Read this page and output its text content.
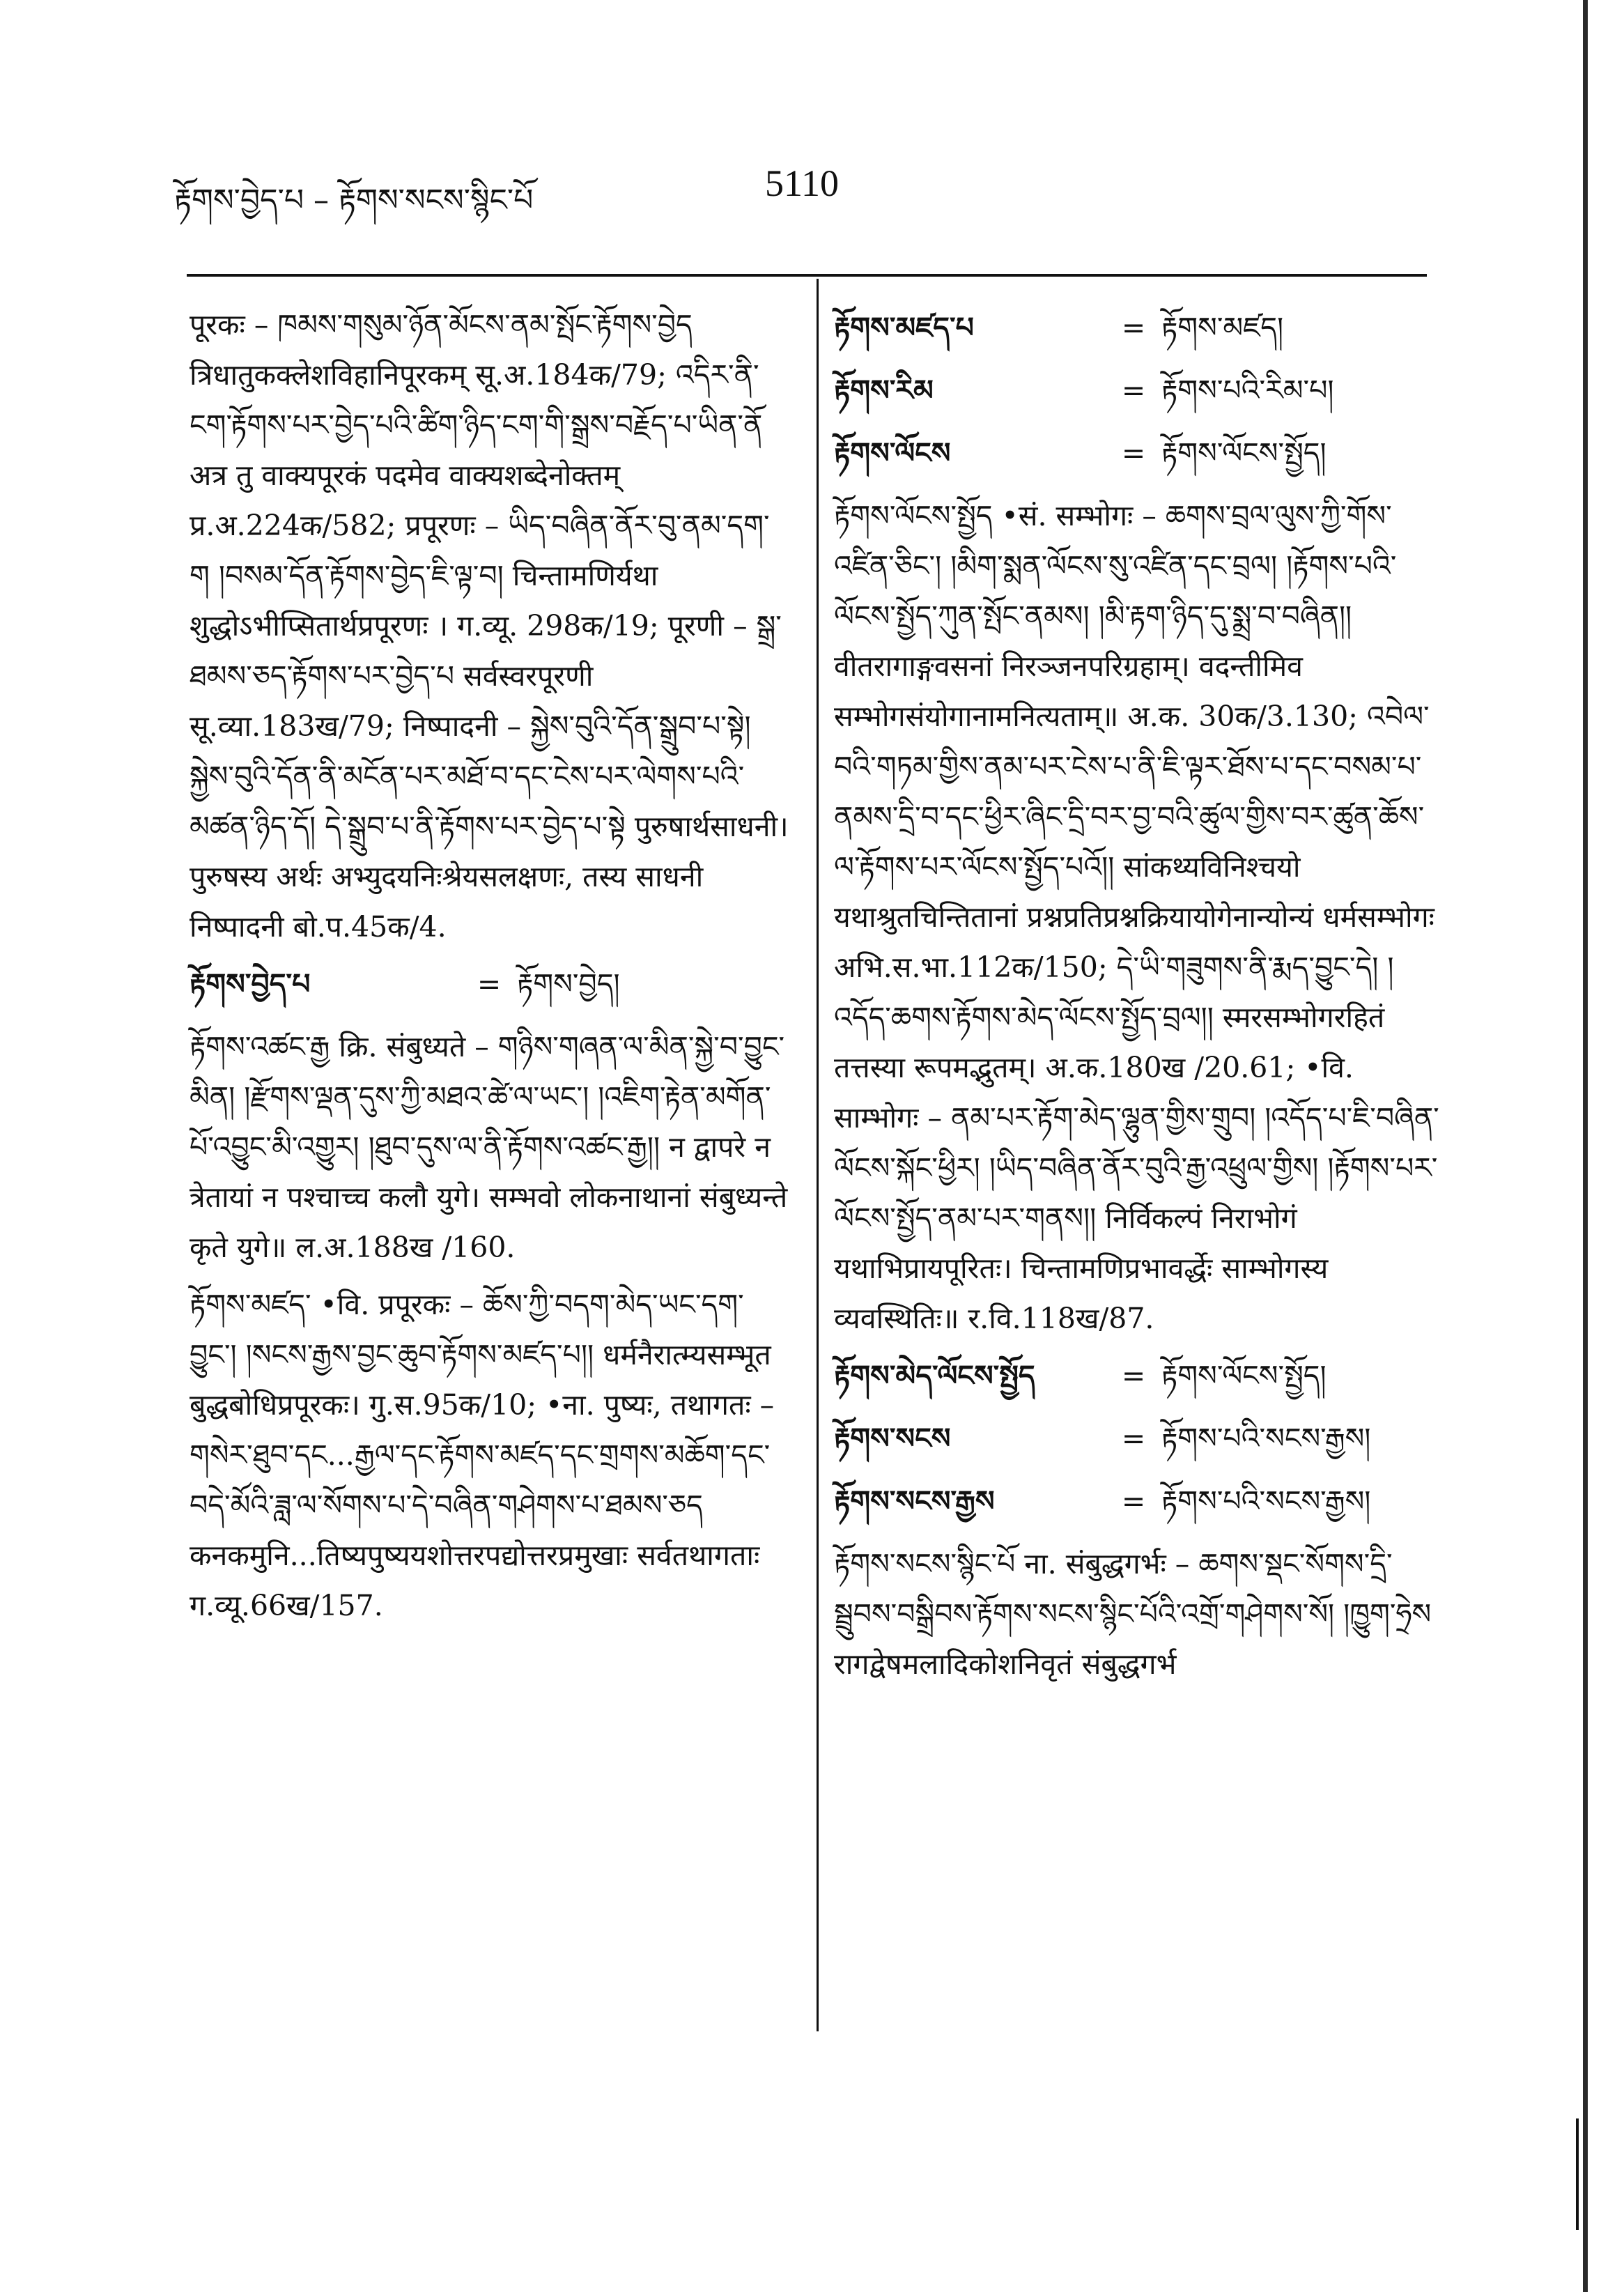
རྟོགས་བྱེད་པ – རྟོགས་སངས་སྙིང་པོ	5110

पूरकः – ཁམས་གསུམ་ཉོན་མོངས་ནམ་སྤོང་རྟོགས་བྱེད त्रिधातुकक्लेशविहानिपूरकम् सू.अ.184क/79; འདིར་ནི་ངག་རྟོགས་པར་བྱེད་པའི་ཚིག་ཉིད་ངག་གི་སྒྲས་བརྗོད་པ་ཡིན་ནོ अत्र तु वाक्यपूरकं पदमेव वाक्यशब्देनोक्तम् प्र.अ.224क/582; प्रपूरणः – ཡིད་བཞིན་ནོར་བུ་ནམ་དག་ག །བསམ་དོན་རྟོགས་བྱེད་ཇི་ལྟ་བ། चिन्तामणिर्यथा शुद्धोऽभीप्सितार्थप्रपूरणः । ग.व्यू. 298क/19; पूरणी – སྒྲ་ཐམས་ཅད་རྟོགས་པར་བྱེད་པ सर्वस्वरपूरणी सू.व्या.183ख/79; निष्पादनी – སྐྱེས་བུའི་དོན་སྒྲུབ་པ་སྟེ། སྐྱེས་བུའི་དོན་ནི་མངོན་པར་མཐོ་བ་དང་ངེས་པར་ལེགས་པའི་མཚན་ཉིད་དོ། དེ་སྒྲུབ་པ་ནི་རྟོགས་པར་བྱེད་པ་སྟེ पुरुषार्थसाधनी। पुरुषस्य अर्थः अभ्युदयनिःश्रेयसलक्षणः, तस्य साधनी निष्पादनी बो.प.45क/4.

རྟོགས་བྱེད་པ	= རྟོགས་བྱེད།

རྟོགས་འཚང་རྒྱ क्रि. संबुध्यते – གཉིས་གཞན་ལ་མིན་སྐྱེ་བ་བྱུང་མིན། །རྫོགས་ལྡན་དུས་ཀྱི་མཐའ་ཚེ་ལ་ཡང་། །འཇིག་རྟེན་མགོན་པོ་འབྱུང་མི་འགྱུར། །ཐུབ་དུས་ལ་ནི་རྟོགས་འཚང་རྒྱ།། न द्वापरे न त्रेतायां न पश्चाच्च कलौ युगे। सम्भवो लोकनाथानां संबुध्यन्ते कृते युगे॥ ल.अ.188ख /160.

རྟོགས་མཛད་ •वि. प्रपूरकः – ཆོས་ཀྱི་བདག་མེད་ཡང་དག་བྱུང་། །སངས་རྒྱས་བྱང་ཆུབ་རྟོགས་མཛད་པ།། धर्मनैरात्म्यसम्भूत बुद्धबोधिप्रपूरकः। गु.स.95क/10; •ना. पुष्यः, तथागतः – གསེར་ཐུབ་དང...རྒྱལ་དང་རྟོགས་མཛད་དང་གྲགས་མཆོག་དང་བདེ་མོའི་ཟླ་ལ་སོགས་པ་དེ་བཞིན་གཤེགས་པ་ཐམས་ཅད कनकमुनि...तिष्यपुष्ययशोत्तरपद्योत्तरप्रमुखाः सर्वतथागताः ग.व्यू.66ख/157.

རྟོགས་མཛད་པ	= རྟོགས་མཛད།
རྟོགས་རིམ	= རྟོགས་པའི་རིམ་པ།
རྟོགས་ལོངས	= རྟོགས་ལོངས་སྤྱོད།

རྟོགས་ལོངས་སྤྱོད •सं. सम्भोगः – ཆགས་བྲལ་ལུས་ཀྱི་གོས་འཛིན་ཅིང་། །མིག་སྨན་ལོངས་སུ་འཛིན་དང་བྲལ། །རྟོགས་པའི་ལོངས་སྤྱོད་ཀུན་སྤོང་ནམས། །མི་རྟག་ཉིད་དུ་སྨྲ་བ་བཞིན།། वीतरागाङ्गवसनां निरञ्जनपरिग्रहाम्। वदन्तीमिव सम्भोगसंयोगानामनित्यताम्॥ अ.क. 30क/3.130; འབེལ་བའི་གཏམ་གྱིས་ནམ་པར་ངེས་པ་ནི་ཇི་ལྟར་ཐོས་པ་དང་བསམ་པ་ནམས་དྲི་བ་དང་ཕྱིར་ཞིང་དྲི་བར་བྱ་བའི་ཚུལ་གྱིས་བར་ཚུན་ཆོས་ལ་རྟོགས་པར་ལོངས་སྤྱོད་པའོ།། सांकथ्यविनिश्चयो यथाश्रुतचिन्तितानां प्रश्नप्रतिप्रश्नक्रियायोगेनान्योन्यं धर्मसम्भोगः अभि.स.भा.112क/150; དེ་ཡི་གཟུགས་ནི་རྨད་བྱུང་དེ། །འདོད་ཆགས་རྟོགས་མེད་ལོངས་སྤྱོད་བྲལ།། स्मरसम्भोगरहितं तत्तस्या रूपमद्भुतम्। अ.क.180ख /20.61; •वि. साम्भोगः – ནམ་པར་རྟོག་མེད་ལྷུན་གྱིས་གྲུབ། །འདོད་པ་ཇི་བཞིན་ལོངས་སྐོང་ཕྱིར། །ཡིད་བཞིན་ནོར་བུའི་རྒྱ་འཕྲུལ་གྱིས། །རྟོགས་པར་ལོངས་སྤྱོད་ནམ་པར་གནས།། निर्विकल्पं निराभोगं यथाभिप्रायपूरितः। चिन्तामणिप्रभावर्द्धेः साम्भोगस्य व्यवस्थितिः॥ र.वि.118ख/87.

རྟོགས་མེད་ལོངས་སྤྱོད	= རྟོགས་ལོངས་སྤྱོད།
རྟོགས་སངས	= རྟོགས་པའི་སངས་རྒྱས།
རྟོགས་སངས་རྒྱས	= རྟོགས་པའི་སངས་རྒྱས།

རྟོགས་སངས་སྙིང་པོ ना. संबुद्धगर्भः – ཆགས་སྡང་སོགས་དྲི་སྦྲུབས་བསྒྲིབས་རྟོགས་སངས་སྙིང་པོའི་འགྲོ་གཤེགས་སོ། །ཁྱུག་ཧྲེས रागद्वेषमलादिकोशनिवृतं संबुद्धगर्भ
